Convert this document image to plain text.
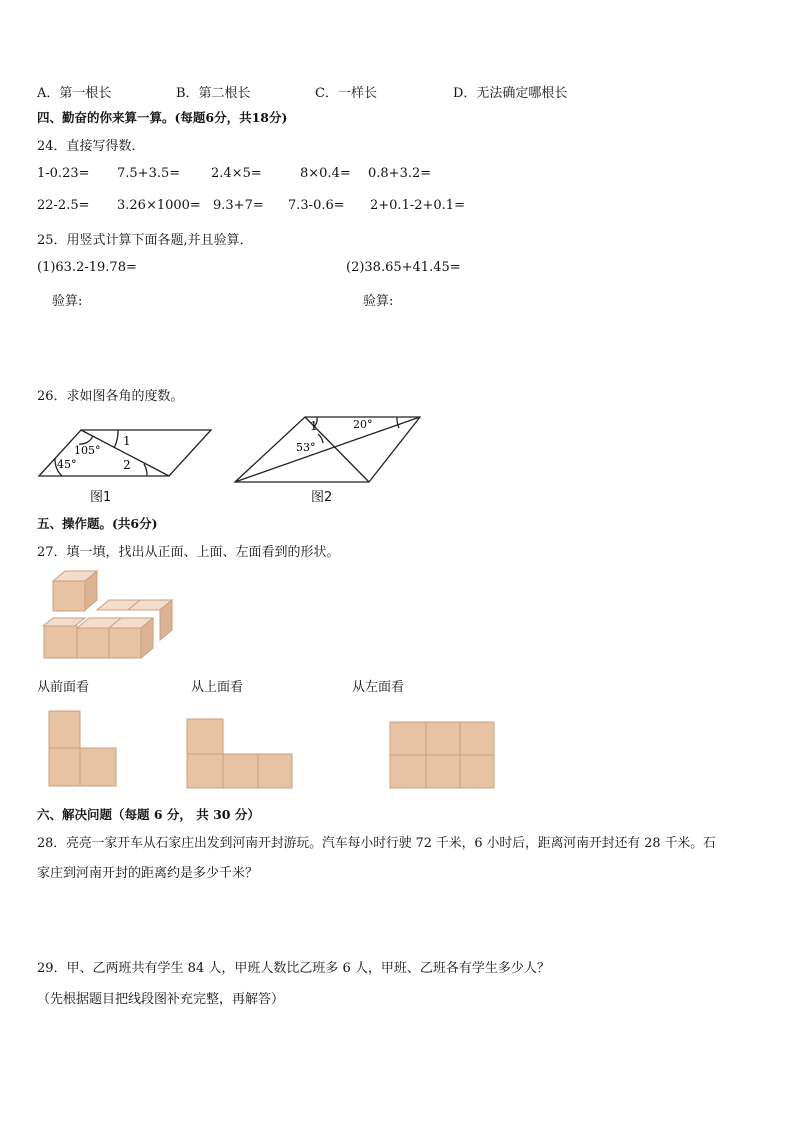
A．第一根长	B．第二根长	C．一样长	D．无法确定哪根长
四、勤奋的你来算一算。(每题6分，共18分)
24．直接写得数．
1-0.23= 7.5+3.5= 2.4×5=	8×0.4= 0.8+3.2=
22-2.5= 3.26×1000= 9.3+7= 7.3-0.6= 2+0.1-2+0.1=
25．用竖式计算下面各题,并且验算．
(1)63.2-19.78=	(2)38.65+41.45=
验算:	验算:
26．求如图各角的度数。
45°
105°
1
2
图1
1	20°
53°
图2
五、操作题。(共6分)
27．填一填，找出从正面、上面、左面看到的形状。
从前面看	从上面看	从左面看
六、解决问题（每题 6 分， 共 30 分）
28．亮亮一家开车从石家庄出发到河南开封游玩。汽车每小时行驶 72 千米，6 小时后，距离河南开封还有 28 千米。石
家庄到河南开封的距离约是多少千米？
29．甲、乙两班共有学生 84 人，甲班人数比乙班多 6 人，甲班、乙班各有学生多少人？
（先根据题目把线段图补充完整，再解答）
